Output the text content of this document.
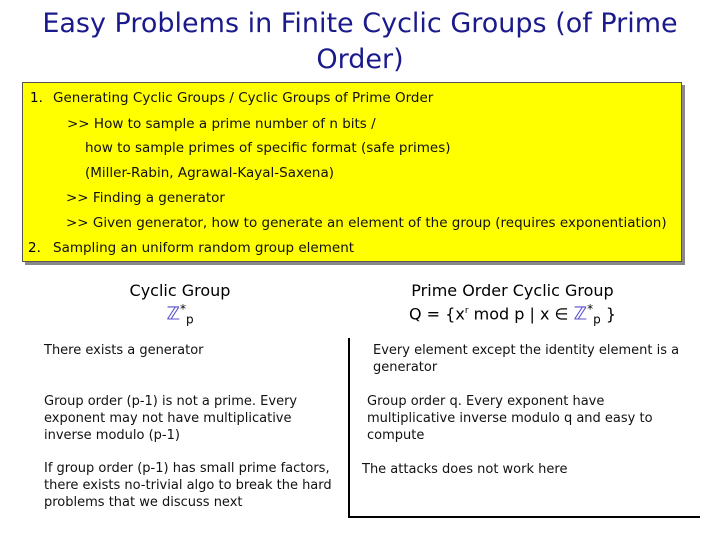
Easy Problems in Finite Cyclic Groups (of Prime Order)
1. Generating Cyclic Groups / Cyclic Groups of Prime Order
>> How to sample a prime number of n bits /
how to sample primes of specific format (safe primes)
(Miller-Rabin, Agrawal-Kayal-Saxena)
>> Finding a generator
>> Given generator, how to generate an element of the group (requires exponentiation)
2. Sampling an uniform random group element
Cyclic Group
ℤ*$_p$
Prime Order Cyclic Group
$Q = \{x^r$ mod p | x ∈ ℤ*$_p$ }
There exists a generator
Group order (p-1) is not a prime. Every exponent may not have multiplicative inverse modulo (p-1)
If group order (p-1) has small prime factors, there exists no-trivial algo to break the hard problems that we discuss next
Every element except the identity element is a generator
Group order q. Every exponent have multiplicative inverse modulo q and easy to compute
The attacks does not work here
